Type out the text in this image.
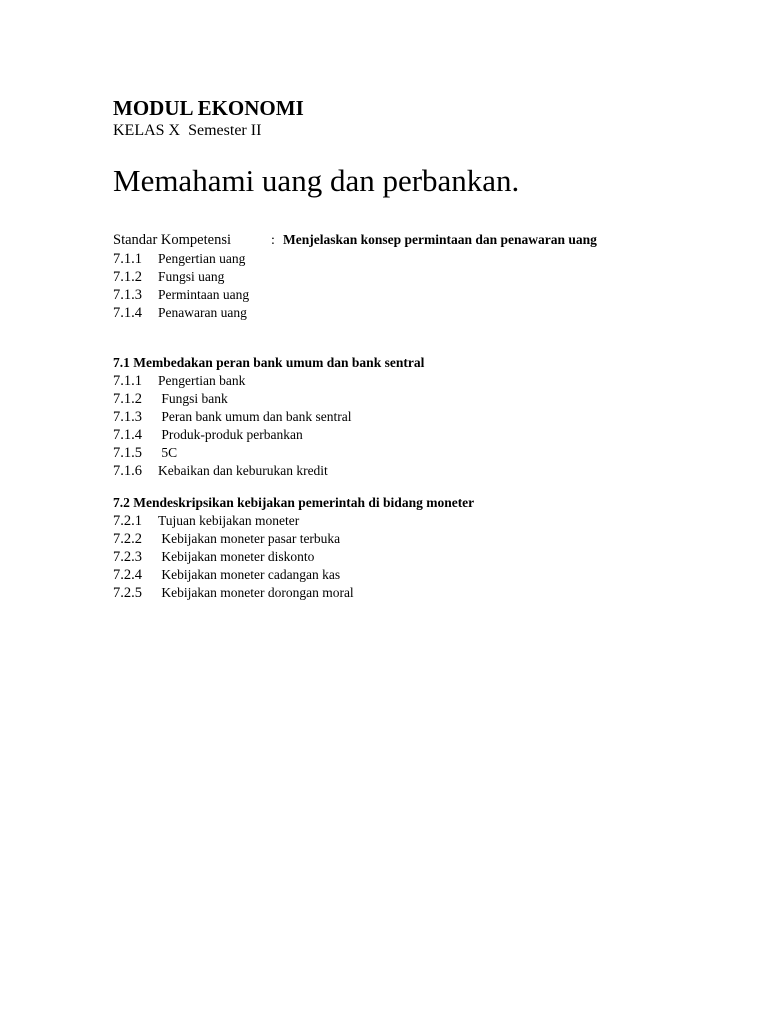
MODUL EKONOMI
KELAS X  Semester II
Memahami uang dan perbankan.
Standar Kompetensi	: Menjelaskan konsep permintaan dan penawaran uang
7.1.1	Pengertian uang
7.1.2	Fungsi uang
7.1.3	Permintaan uang
7.1.4	Penawaran uang
7.1 Membedakan peran bank umum dan bank sentral
7.1.1	Pengertian bank
7.1.2	Fungsi bank
7.1.3	Peran bank umum dan bank sentral
7.1.4	Produk-produk perbankan
7.1.5	5C
7.1.6	Kebaikan dan keburukan kredit
7.2 Mendeskripsikan kebijakan pemerintah di bidang moneter
7.2.1	Tujuan kebijakan moneter
7.2.2	Kebijakan moneter pasar terbuka
7.2.3	Kebijakan moneter diskonto
7.2.4	Kebijakan moneter cadangan kas
7.2.5	Kebijakan moneter dorongan moral
